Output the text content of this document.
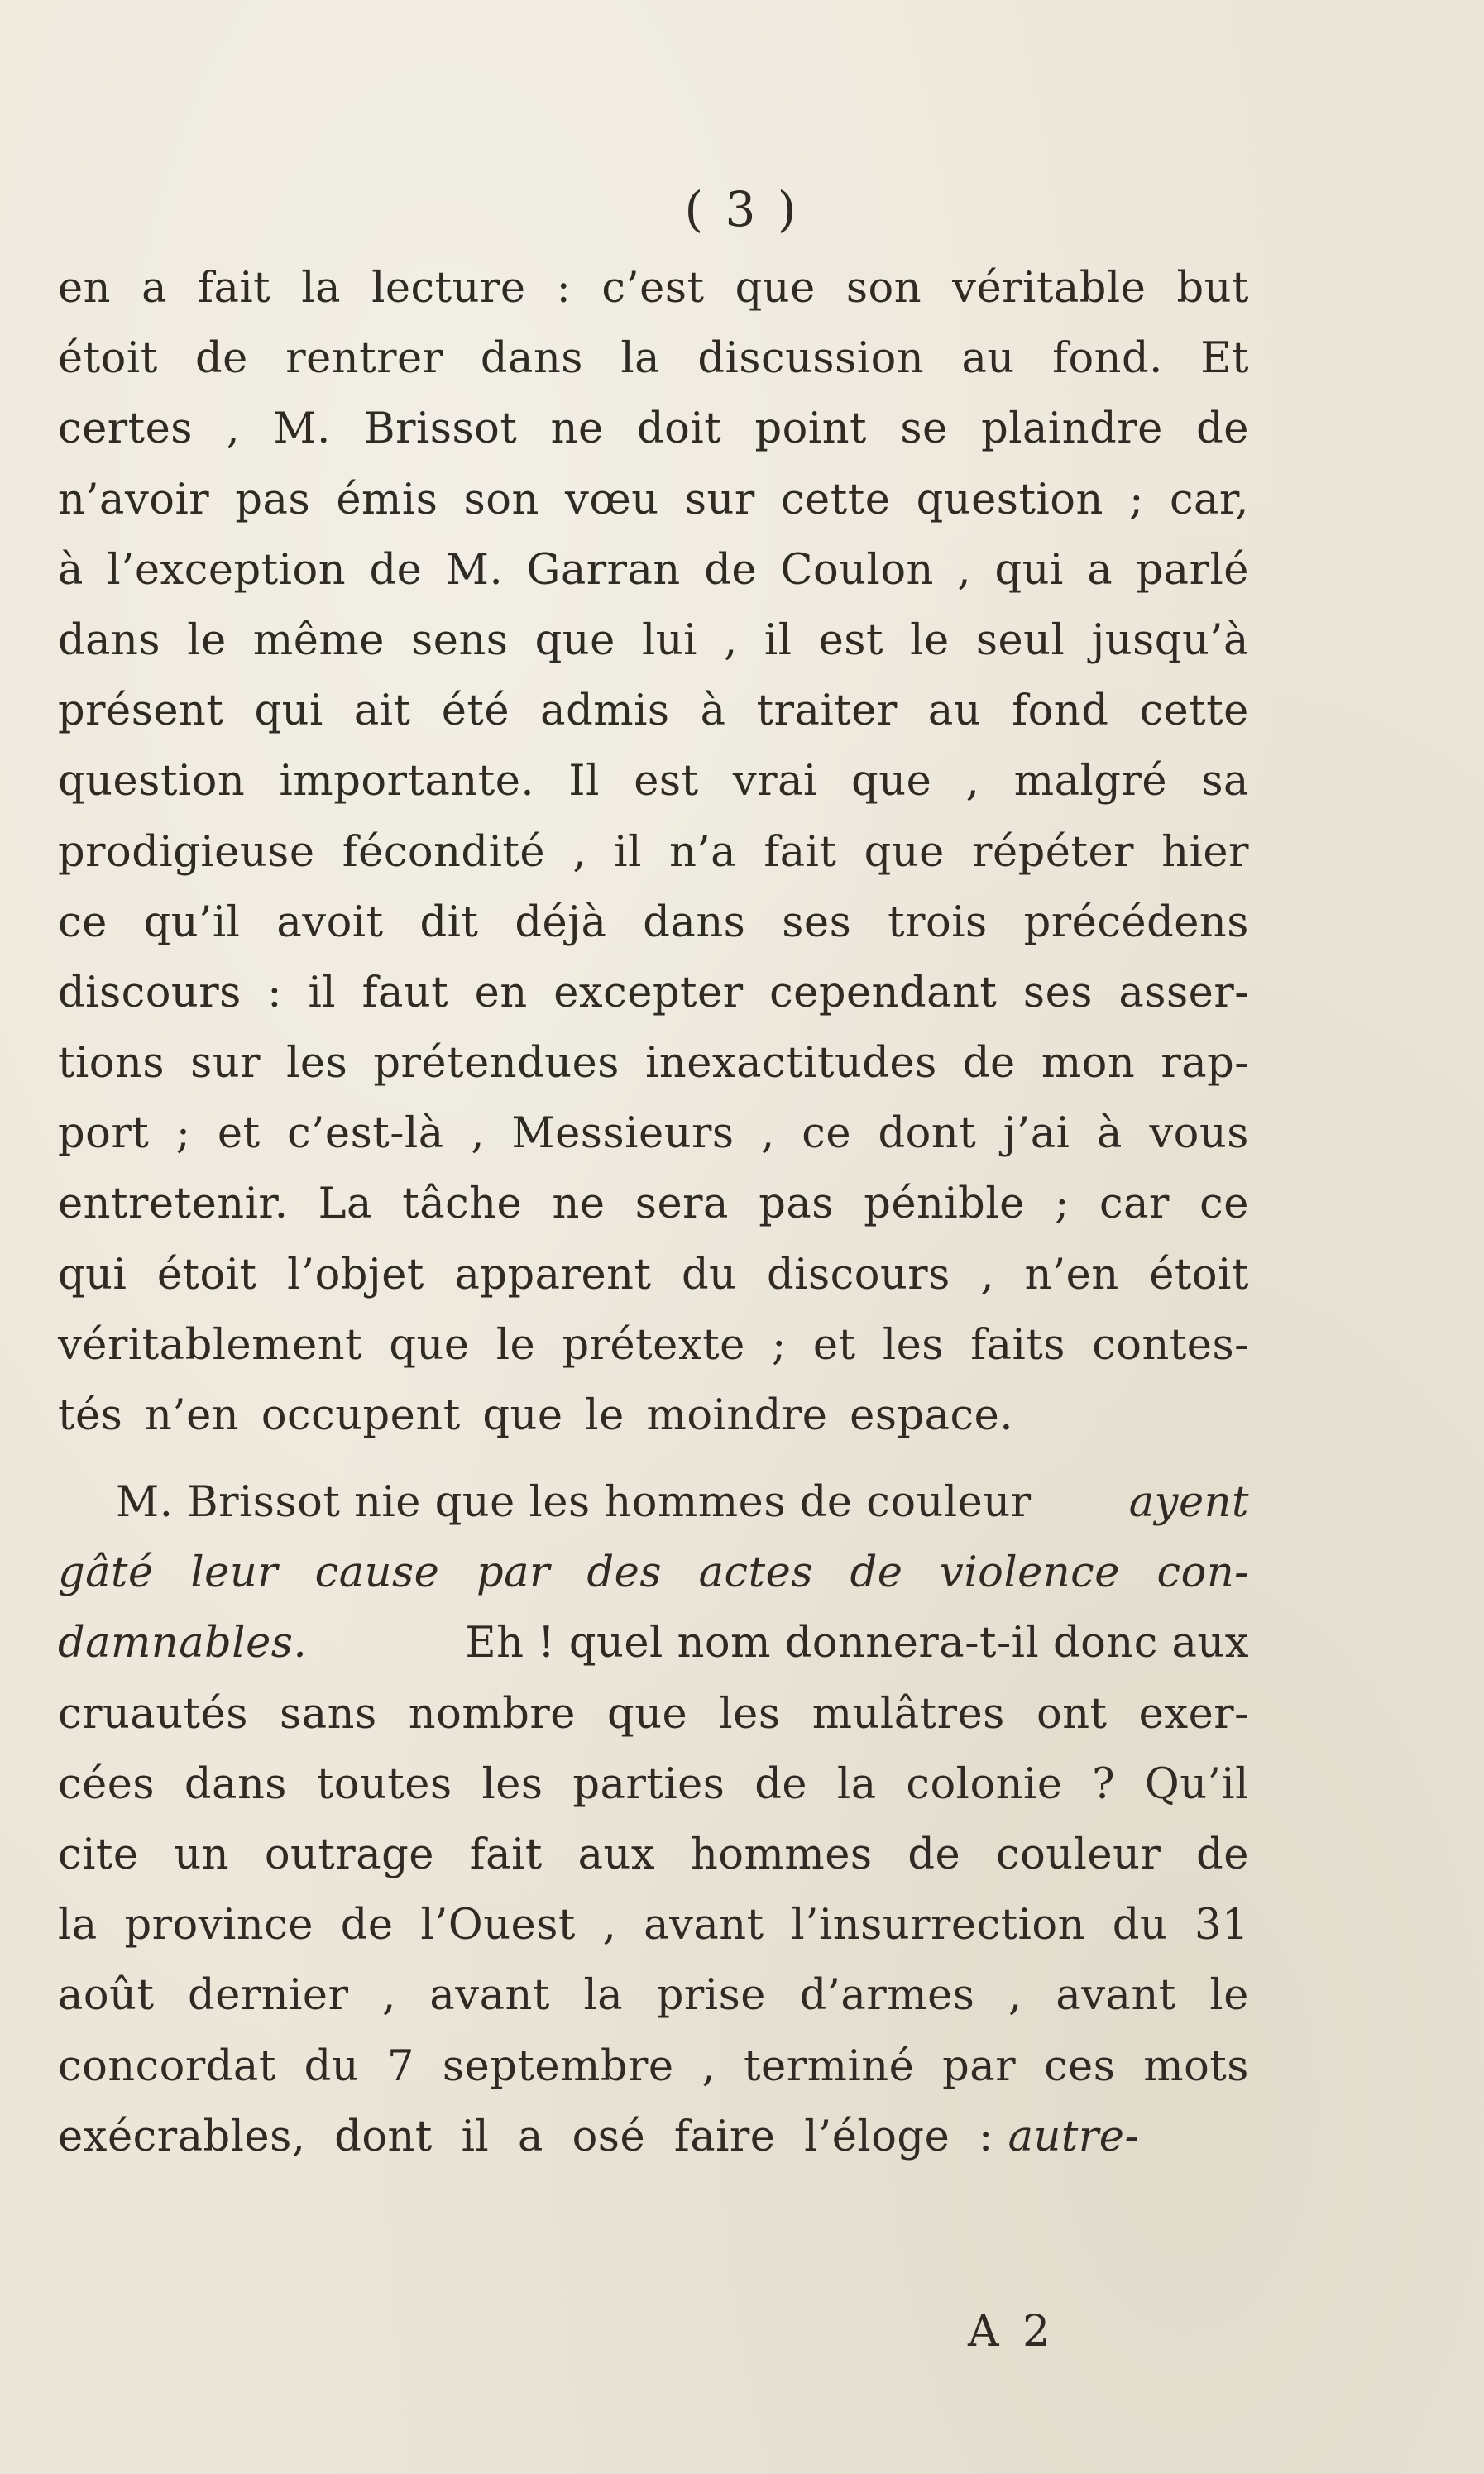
( 3 )
en a fait la lecture : c’est que son véritable but
étoit de rentrer dans la discussion au fond. Et
certes , M. Brissot ne doit point se plaindre de
n’avoir pas émis son vœu sur cette question ; car,
à l’exception de M. Garran de Coulon , qui a parlé
dans le même sens que lui , il est le seul jusqu’à
présent qui ait été admis à traiter au fond cette
question importante. Il est vrai que , malgré sa
prodigieuse fécondité , il n’a fait que répéter hier
ce qu’il avoit dit déjà dans ses trois précédens
discours : il faut en excepter cependant ses asser-
tions sur les prétendues inexactitudes de mon rap-
port ; et c’est-là , Messieurs , ce dont j’ai à vous
entretenir. La tâche ne sera pas pénible ; car ce
qui étoit l’objet apparent du discours , n’en étoit
véritablement que le prétexte ; et les faits contes-
tés n’en occupent que le moindre espace.
M. Brissot nie que les hommes de couleur ayent
gâté leur cause par des actes de violence con-
damnables.	Eh ! quel nom donnera-t-il donc aux
cruautés sans nombre que les mulâtres ont exer-
cées dans toutes les parties de la colonie ? Qu’il
cite un outrage fait aux hommes de couleur de
la province de l’Ouest , avant l’insurrection du 31
août dernier , avant la prise d’armes , avant le
concordat du 7 septembre , terminé par ces mots
exécrables, dont il a osé faire l’éloge : autre-
A 2
